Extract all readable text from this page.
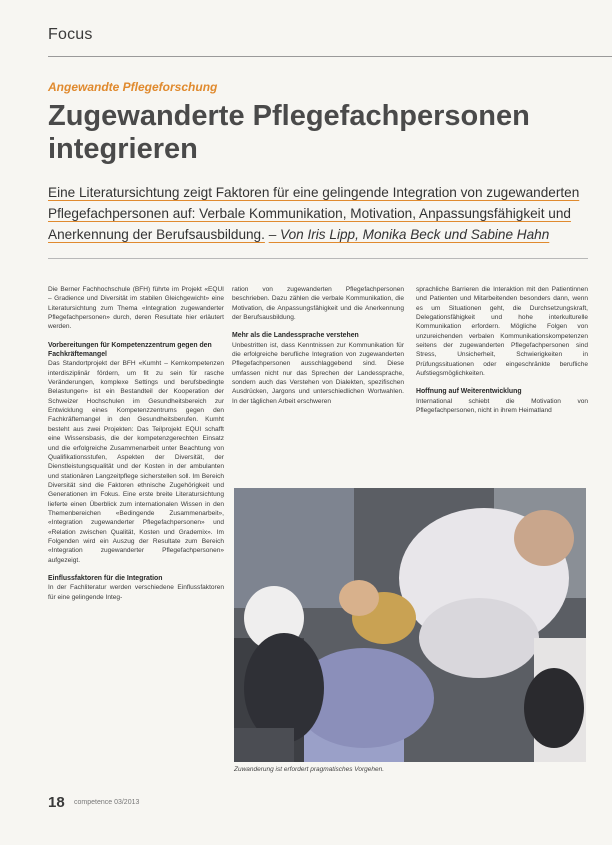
Focus
Angewandte Pflegeforschung
Zugewanderte Pflegefachpersonen
integrieren

Eine Literatursichtung zeigt Faktoren für eine gelingende Integration von zugewanderten Pflegefachpersonen auf: Verbale Kommunikation, Motivation, Anpassungsfähigkeit und Anerkennung der Berufsausbildung. – Von Iris Lipp, Monika Beck und Sabine Hahn

Die Berner Fachhochschule (BFH) führte im Projekt «EQUI – Gradience und Diversität im stabilen Gleichgewicht» eine Literatursichtung zum Thema «Integration zugewanderter Pflegefachpersonen» durch, deren Resultate hier erläutert werden.

Vorbereitungen für Kompetenzzentrum gegen den Fachkräftemangel

Das Standortprojekt der BFH «Kumht – Kernkompetenzen interdisziplinär fördern, um fit zu sein für rasche Veränderungen, komplexe Settings und berufsbedingte Belastungen» ist ein Bestandteil der Kooperation der Schweizer Hochschulen im Gesundheitsbereich zur Entwicklung eines Kompetenzzentrums gegen den Fachkräftemangel in den Gesundheitsberufen. Kumht besteht aus zwei Projekten: Das Teilprojekt EQUI schafft eine Wissensbasis, die der kompetenzgerechten Einsatz und die erfolgreiche Zusammenarbeit unter Beachtung von Qualifikationsstufen, Aspekten der Diversität, der Dienstleistungsqualität und der Kosten in der ambulanten und stationären Langzeitpflege sicherstellen soll. Im Bereich Diversität sind die Faktoren ethnische Zugehörigkeit und Generationen im Fokus. Eine erste breite Literatursichtung lieferte einen Überblick zum internationalen Wissen in den Themenbereichen «Bedingende Zusammenarbeit», «Integration zugewanderter Pflegefachpersonen» und «Relation zwischen Qualität, Kosten und Grademix». Im Folgenden wird ein Auszug der Resultate zum Bereich «Integration zugewanderter Pflegefachpersonen» aufgezeigt.

Einflussfaktoren für die Integration

In der Fachliteratur werden verschiedene Einflussfaktoren für eine gelingende Integ-

ration von zugewanderten Pflegefachpersonen beschrieben. Dazu zählen die verbale Kommunikation, die Motivation, die Anpassungsfähigkeit und die Anerkennung der Berufsausbildung.

Mehr als die Landessprache verstehen

Unbestritten ist, dass Kenntnissen zur Kommunikation für die erfolgreiche berufliche Integration von zugewanderten Pflegefachpersonen ausschlaggebend sind. Diese umfassen nicht nur das Sprechen der Landessprache, sondern auch das Verstehen von Dialekten, spezifischen Ausdrücken, Jargons und unterschiedlichen Wortwahlen. In der täglichen Arbeit erschweren

sprachliche Barrieren die Interaktion mit den Patientinnen und Patienten und Mitarbeitenden besonders dann, wenn es um Situationen geht, die Durchsetzungskraft, Delegationsfähigkeit und hohe interkulturelle Kommunikation erfordern. Mögliche Folgen von unzureichenden verbalen Kommunikationskompetenzen seitens der zugewanderten Pflegefachpersonen sind Stress, Unsicherheit, Schwierigkeiten in Prüfungssituationen oder eingeschränkte berufliche Aufstiegsmöglichkeiten.

Hoffnung auf Weiterentwicklung

International schiebt die Motivation von Pflegefachpersonen, nicht in ihrem Heimatland

Zuwanderung ist erfordert pragmatisches Vorgehen.
18 competence 03/2013
